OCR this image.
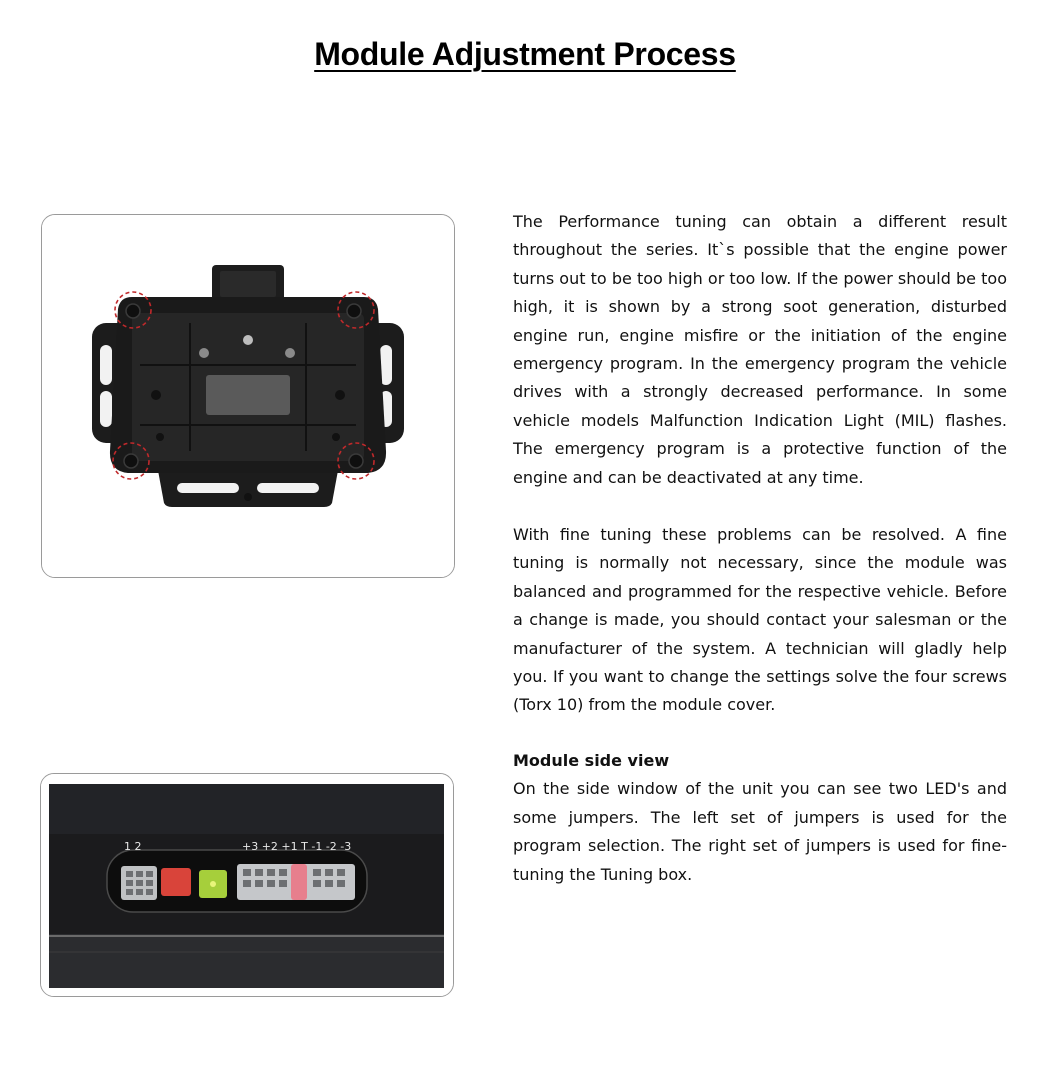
Module Adjustment Process
1 2	+3 +2 +1 T -1 -2 -3

The Performance tuning can obtain a different result throughout the series. It`s possible that the engine power turns out to be too high or too low. If the power should be too high, it is shown by a strong soot generation, disturbed engine run, engine misfire or the initiation of the engine emergency program. In the emergency program the vehicle drives with a strongly decreased performance. In some vehicle models Malfunction Indication Light (MIL) flashes. The emergency program is a protective function of the engine and can be deactivated at any time.

With fine tuning these problems can be resolved. A fine tuning is normally not necessary, since the module was balanced and programmed for the respective vehicle. Before a change is made, you should contact your salesman or the manufacturer of the system. A technician will gladly help you. If you want to change the settings solve the four screws (Torx 10) from the module cover.

Module side view

On the side window of the unit you can see two LED's and some jumpers. The left set of jumpers is used for the program selection. The right set of jumpers is used for fine-tuning the Tuning box.
